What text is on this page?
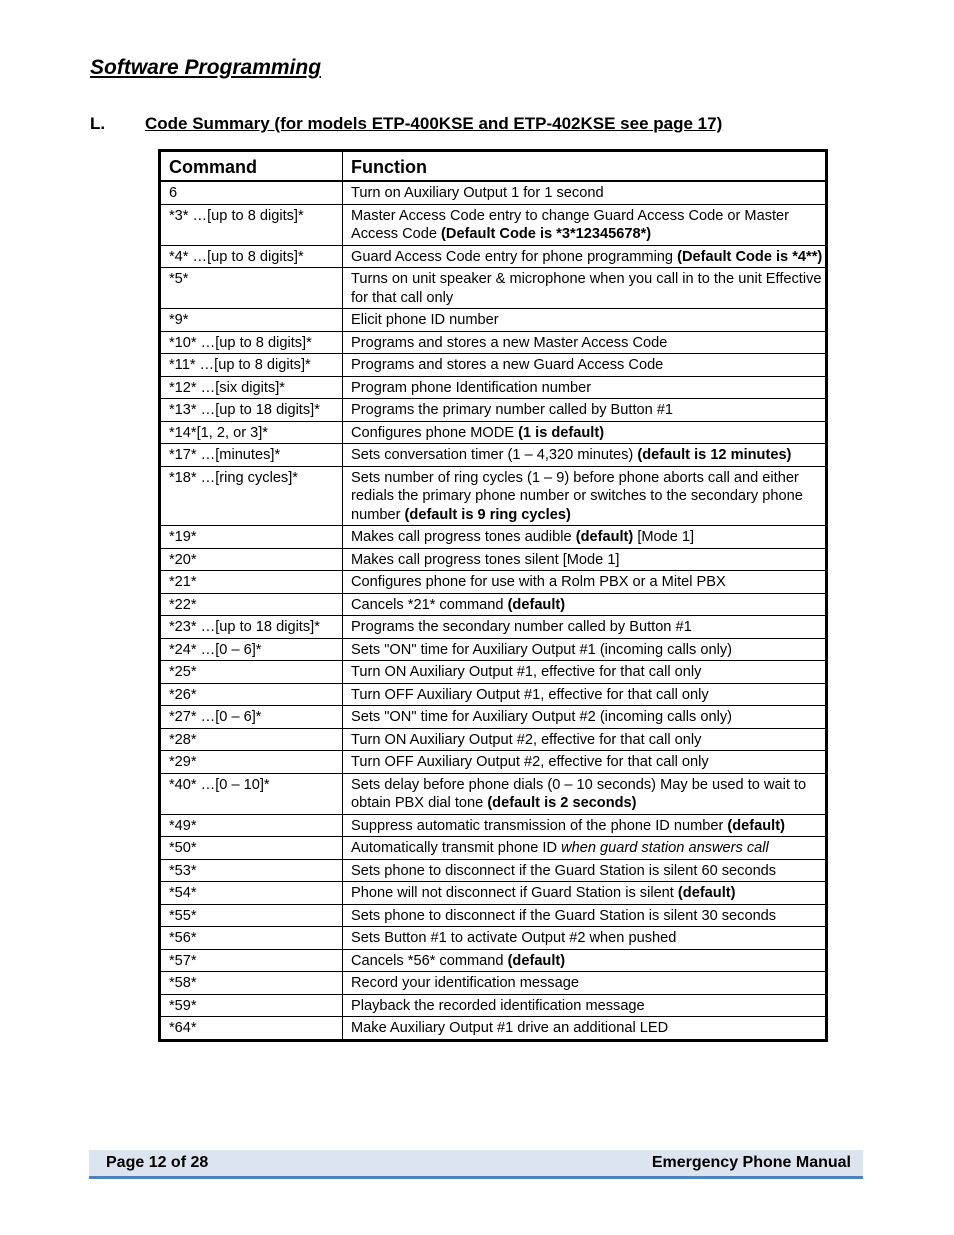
Software Programming
L. Code Summary (for models ETP-400KSE and ETP-402KSE see page 17)
Command	Function
6	Turn on Auxiliary Output 1 for 1 second
*3* …[up to 8 digits]*	Master Access Code entry to change Guard Access Code or Master Access Code (Default Code is *3*12345678*)
*4* …[up to 8 digits]*	Guard Access Code entry for phone programming (Default Code is *4**)
*5*	Turns on unit speaker & microphone when you call in to the unit Effective for that call only
*9*	Elicit phone ID number
*10* …[up to 8 digits]*	Programs and stores a new Master Access Code
*11* …[up to 8 digits]*	Programs and stores a new Guard Access Code
*12* …[six digits]*	Program phone Identification number
*13* …[up to 18 digits]*	Programs the primary number called by Button #1
*14*[1, 2, or 3]*	Configures phone MODE (1 is default)
*17* …[minutes]*	Sets conversation timer (1 – 4,320 minutes) (default is 12 minutes)
*18* …[ring cycles]*	Sets number of ring cycles (1 – 9) before phone aborts call and either redials the primary phone number or switches to the secondary phone number (default is 9 ring cycles)
*19*	Makes call progress tones audible (default) [Mode 1]
*20*	Makes call progress tones silent [Mode 1]
*21*	Configures phone for use with a Rolm PBX or a Mitel PBX
*22*	Cancels *21* command (default)
*23* …[up to 18 digits]*	Programs the secondary number called by Button #1
*24* …[0 – 6]*	Sets "ON" time for Auxiliary Output #1 (incoming calls only)
*25*	Turn ON Auxiliary Output #1, effective for that call only
*26*	Turn OFF Auxiliary Output #1, effective for that call only
*27* …[0 – 6]*	Sets "ON" time for Auxiliary Output #2 (incoming calls only)
*28*	Turn ON Auxiliary Output #2, effective for that call only
*29*	Turn OFF Auxiliary Output #2, effective for that call only
*40* …[0 – 10]*	Sets delay before phone dials (0 – 10 seconds) May be used to wait to obtain PBX dial tone (default is 2 seconds)
*49*	Suppress automatic transmission of the phone ID number (default)
*50*	Automatically transmit phone ID when guard station answers call
*53*	Sets phone to disconnect if the Guard Station is silent 60 seconds
*54*	Phone will not disconnect if Guard Station is silent (default)
*55*	Sets phone to disconnect if the Guard Station is silent 30 seconds
*56*	Sets Button #1 to activate Output #2 when pushed
*57*	Cancels *56* command (default)
*58*	Record your identification message
*59*	Playback the recorded identification message
*64*	Make Auxiliary Output #1 drive an additional LED
Page 12 of 28	Emergency Phone Manual
